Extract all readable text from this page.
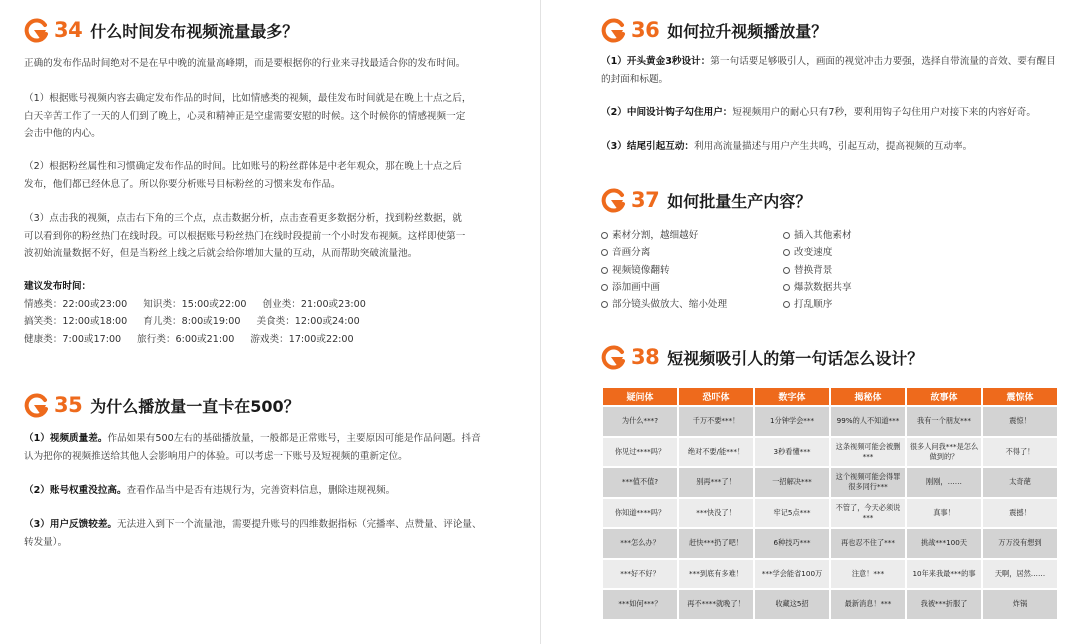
34 什么时间发布视频流量最多？
正确的发布作品时间绝对不是在早中晚的流量高峰期，而是要根据你的行业来寻找最适合你的发布时间。
（1）根据账号视频内容去确定发布作品的时间，比如情感类的视频，最佳发布时间就是在晚上十点之后，
白天辛苦工作了一天的人们到了晚上，心灵和精神正是空虚需要安慰的时候。这个时候你的情感视频一定
会击中他的内心。
（2）根据粉丝属性和习惯确定发布作品的时间。比如账号的粉丝群体是中老年观众，那在晚上十点之后
发布，他们都已经休息了。所以你要分析账号目标粉丝的习惯来发布作品。
（3）点击我的视频，点击右下角的三个点，点击数据分析，点击查看更多数据分析，找到粉丝数据，就
可以看到你的粉丝热门在线时段。可以根据账号粉丝热门在线时段提前一个小时发布视频。这样即使第一
波初始流量数据不好，但是当粉丝上线之后就会给你增加大量的互动，从而帮助突破流量池。
建议发布时间：
情感类：22:00或23:00 知识类：15:00或22:00 创业类：21:00或23:00
搞笑类：12:00或18:00 育儿类：8:00或19:00 美食类：12:00或24:00
健康类：7:00或17:00 旅行类：6:00或21:00 游戏类：17:00或22:00
35 为什么播放量一直卡在500？
（1）视频质量差。作品如果有500左右的基础播放量，一般都是正常账号，主要原因可能是作品问题。抖音
认为把你的视频推送给其他人会影响用户的体验。可以考虑一下账号及短视频的重新定位。
（2）账号权重没拉高。查看作品当中是否有违规行为，完善资料信息，删除违规视频。
（3）用户反馈较差。无法进入到下一个流量池，需要提升账号的四维数据指标（完播率、点赞量、评论量、
转发量）。
36 如何拉升视频播放量？
（1）开头黄金3秒设计：第一句话要足够吸引人，画面的视觉冲击力要强，选择自带流量的音效、要有醒目
的封面和标题。
（2）中间设计钩子勾住用户：短视频用户的耐心只有7秒，要利用钩子勾住用户对接下来的内容好奇。
（3）结尾引起互动：利用高流量描述与用户产生共鸣，引起互动，提高视频的互动率。
37 如何批量生产内容？
素材分割，越细越好	插入其他素材
音画分离	改变速度
视频镜像翻转	替换背景
添加画中画	爆款数据共享
部分镜头做放大、缩小处理	打乱顺序
38 短视频吸引人的第一句话怎么设计？
疑问体	恐吓体	数字体	揭秘体	故事体	震惊体
为什么***?	千万不要***！	1分钟学会***	99%的人不知道***	我有一个朋友***	震惊！
你见过****吗？	绝对不要/能***！	3秒看懂***	这条视频可能会被删***	很多人问我***是怎么做到的？	不得了！
***值不值?	别再***了！	一招解决***	这个视频可能会得罪很多同行***	刚刚，……	太奇葩
你知道****吗？	***快没了！	牢记5点***	不管了，今天必须说***	真事！	震撼！
***怎么办？	赶快***扔了吧！	6种技巧***	再也忍不住了***	挑战***100天	万万没有想到
***好不好？	***到底有多难！	***学会能省100万	注意！***	10年来我最***的事	天啊，居然……
***如何***？	再不****就晚了！	收藏这5招	最新消息！***	我被***折服了	炸锅
